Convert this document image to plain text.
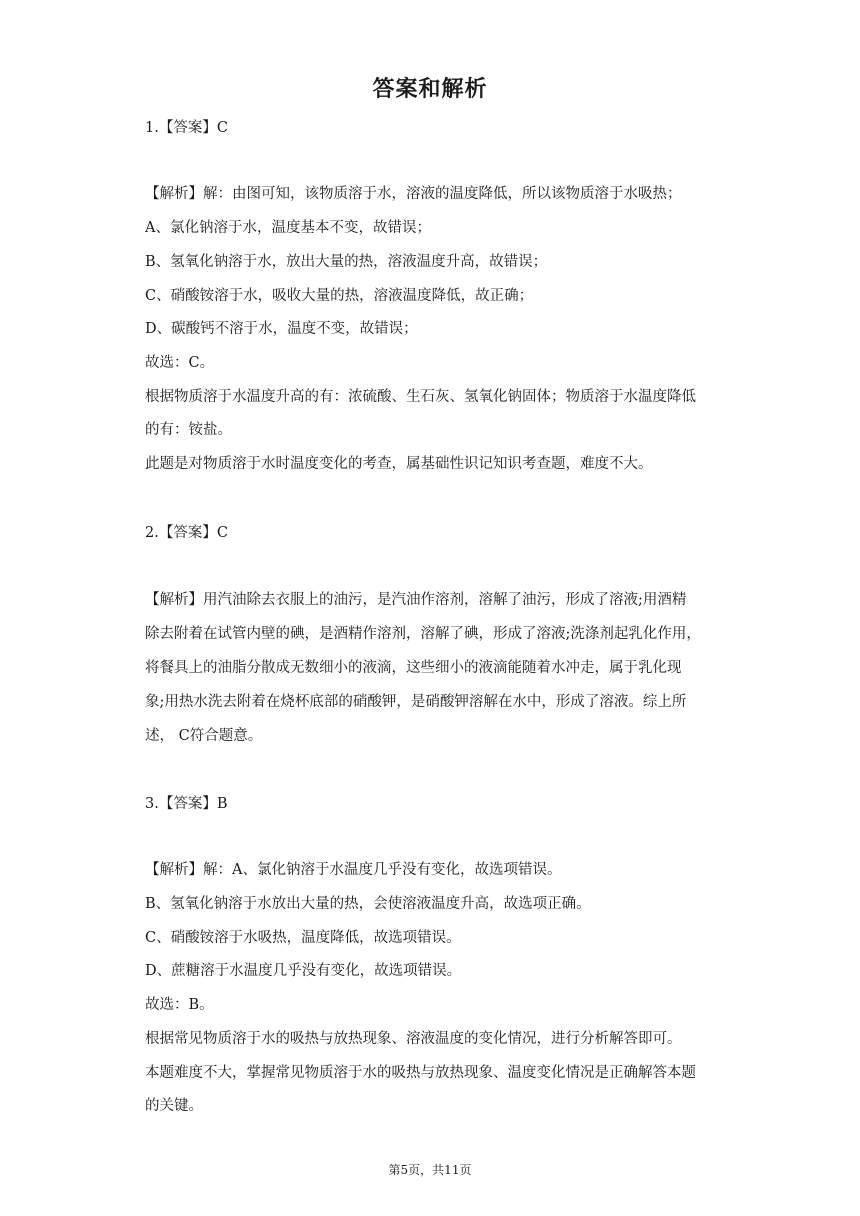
答案和解析
1.【答案】C
【解析】解：由图可知，该物质溶于水，溶液的温度降低，所以该物质溶于水吸热；
A、氯化钠溶于水，温度基本不变，故错误；
B、氢氧化钠溶于水，放出大量的热，溶液温度升高，故错误；
C、硝酸铵溶于水，吸收大量的热，溶液温度降低，故正确；
D、碳酸钙不溶于水，温度不变，故错误；
故选：C。
根据物质溶于水温度升高的有：浓硫酸、生石灰、氢氧化钠固体；物质溶于水温度降低
的有：铵盐。
此题是对物质溶于水时温度变化的考查，属基础性识记知识考查题，难度不大。
2.【答案】C
【解析】用汽油除去衣服上的油污，是汽油作溶剂，溶解了油污，形成了溶液;用酒精
除去附着在试管内壁的碘，是酒精作溶剂，溶解了碘，形成了溶液;洗涤剂起乳化作用，
将餐具上的油脂分散成无数细小的液滴，这些细小的液滴能随着水冲走，属于乳化现
象;用热水洗去附着在烧杯底部的硝酸钾，是硝酸钾溶解在水中，形成了溶液。综上所
述， C符合题意。
3.【答案】B
【解析】解：A、氯化钠溶于水温度几乎没有变化，故选项错误。
B、氢氧化钠溶于水放出大量的热，会使溶液温度升高，故选项正确。
C、硝酸铵溶于水吸热，温度降低，故选项错误。
D、蔗糖溶于水温度几乎没有变化，故选项错误。
故选：B。
根据常见物质溶于水的吸热与放热现象、溶液温度的变化情况，进行分析解答即可。
本题难度不大，掌握常见物质溶于水的吸热与放热现象、温度变化情况是正确解答本题
的关键。
第5页，共11页
